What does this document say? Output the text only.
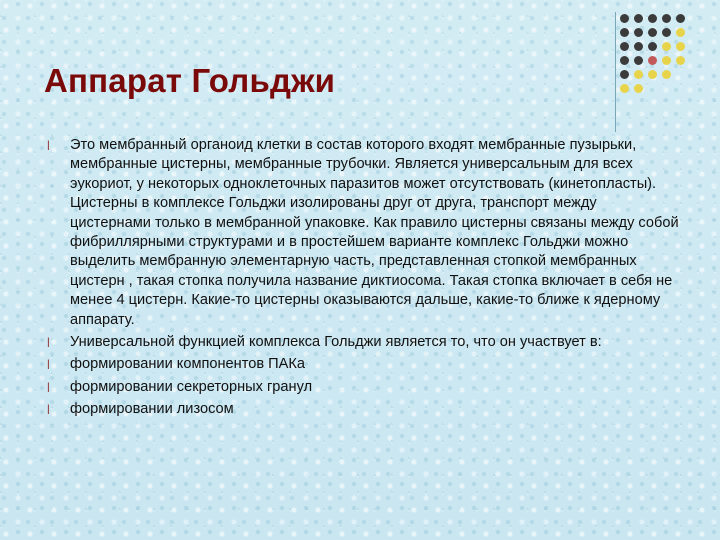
Аппарат Гольджи
l Это мембранный органоид клетки в состав которого входят мембранные пузырьки, мембранные цистерны, мембранные трубочки. Является универсальным для всех эукориот, у некоторых одноклеточных паразитов может отсутствовать (кинетопласты). Цистерны в комплексе Гольджи изолированы друг от друга, транспорт между цистернами только в мембранной упаковке. Как правило цистерны связаны между собой фибриллярными структурами и в простейшем варианте комплекс Гольджи можно выделить мембранную элементарную часть, представленная стопкой мембранных цистерн , такая стопка получила название диктиосома. Такая стопка включает в себя не менее 4 цистерн. Какие-то цистерны оказываются дальше, какие-то ближе к ядерному аппарату.
l Универсальной функцией комплекса Гольджи является то, что он участвует в:
l формировании компонентов ПАКа
l формировании секреторных гранул
l формировании лизосом
